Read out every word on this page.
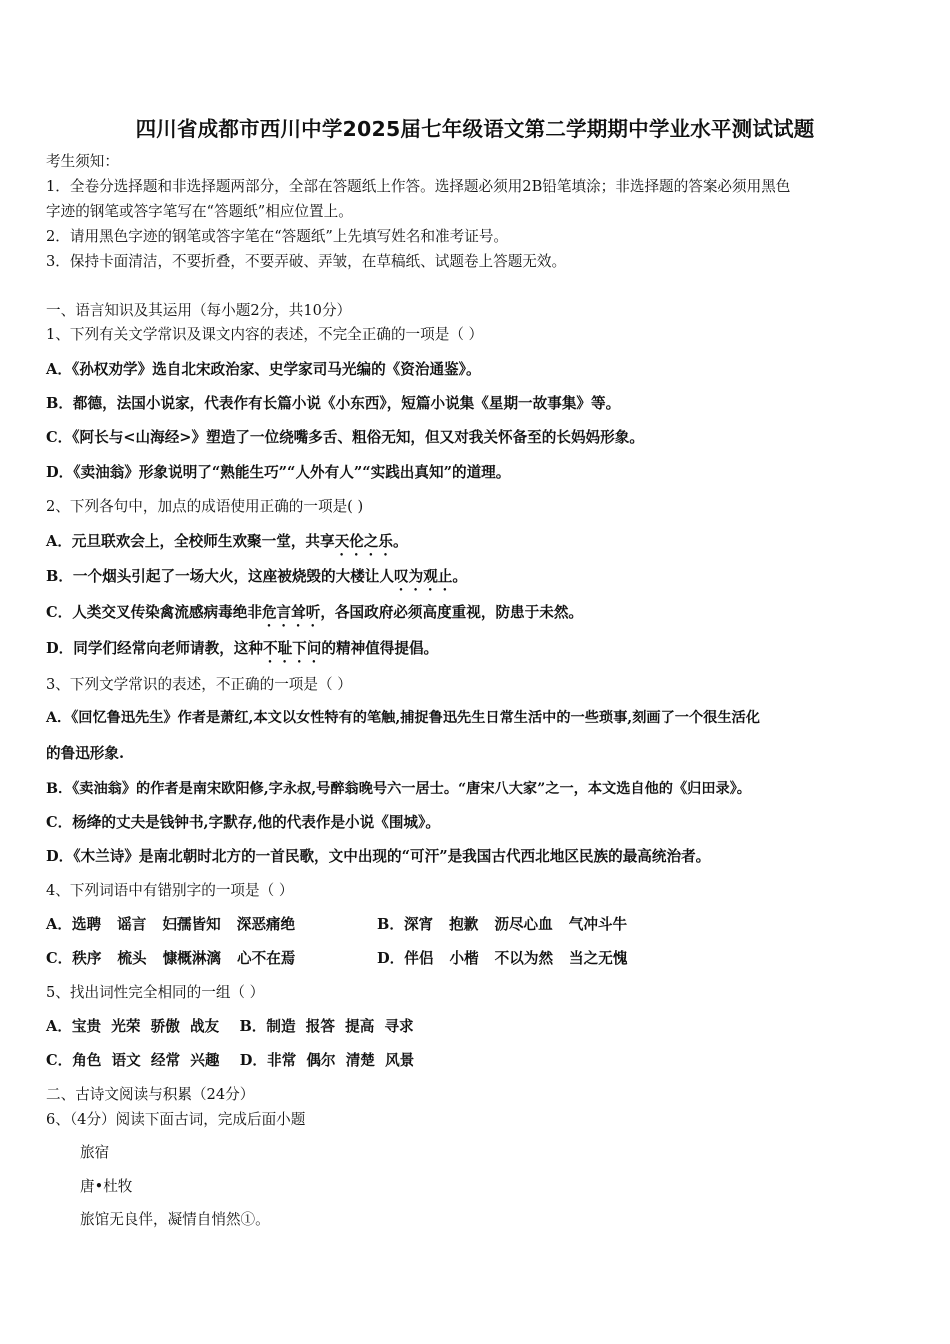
四川省成都市西川中学2025届七年级语文第二学期期中学业水平测试试题
考生须知：
1．全卷分选择题和非选择题两部分，全部在答题纸上作答。选择题必须用2B铅笔填涂；非选择题的答案必须用黑色
字迹的钢笔或答字笔写在“答题纸”相应位置上。
2．请用黑色字迹的钢笔或答字笔在“答题纸”上先填写姓名和准考证号。
3．保持卡面清洁，不要折叠，不要弄破、弄皱，在草稿纸、试题卷上答题无效。
一、语言知识及其运用（每小题2分，共10分）
1、下列有关文学常识及课文内容的表述，不完全正确的一项是（ ）
A．《孙权劝学》选自北宋政治家、史学家司马光编的《资治通鉴》。
B．都德，法国小说家，代表作有长篇小说《小东西》，短篇小说集《星期一故事集》等。
C．《阿长与<山海经>》塑造了一位绕嘴多舌、粗俗无知，但又对我关怀备至的长妈妈形象。
D．《卖油翁》形象说明了“熟能生巧”“人外有人”“实践出真知”的道理。
2、下列各句中，加点的成语使用正确的一项是( )
A．元旦联欢会上，全校师生欢聚一堂，共享天伦之乐。
B．一个烟头引起了一场大火，这座被烧毁的大楼让人叹为观止。
C．人类交叉传染禽流感病毒绝非危言耸听，各国政府必须高度重视，防患于未然。
D．同学们经常向老师请教，这种不耻下问的精神值得提倡。
3、下列文学常识的表述，不正确的一项是（ ）
A．《回忆鲁迅先生》作者是萧红,本文以女性特有的笔触,捕捉鲁迅先生日常生活中的一些琐事,刻画了一个很生活化
的鲁迅形象.
B．《卖油翁》的作者是南宋欧阳修,字永叔,号醉翁晚号六一居士。“唐宋八大家”之一，本文选自他的《归田录》。
C．杨绛的丈夫是钱钟书,字默存,他的代表作是小说《围城》。
D．《木兰诗》是南北朝时北方的一首民歌，文中出现的“可汗”是我国古代西北地区民族的最高统治者。
4、下列词语中有错别字的一项是（ ）
A．选聘 谣言 妇孺皆知 深恶痛绝	B．深宵 抱歉 沥尽心血 气冲斗牛
C．秩序 梳头 慷概淋漓 心不在焉	D．伴侣 小楷 不以为然 当之无愧
5、找出词性完全相同的一组（ ）
A．宝贵  光荣  骄傲  战友    B．制造  报答  提高  寻求
C．角色  语文  经常  兴趣    D．非常  偶尔  清楚  风景
二、古诗文阅读与积累（24分）
6、（4分）阅读下面古词，完成后面小题
旅宿
唐•杜牧
旅馆无良伴，凝情自悄然①。
